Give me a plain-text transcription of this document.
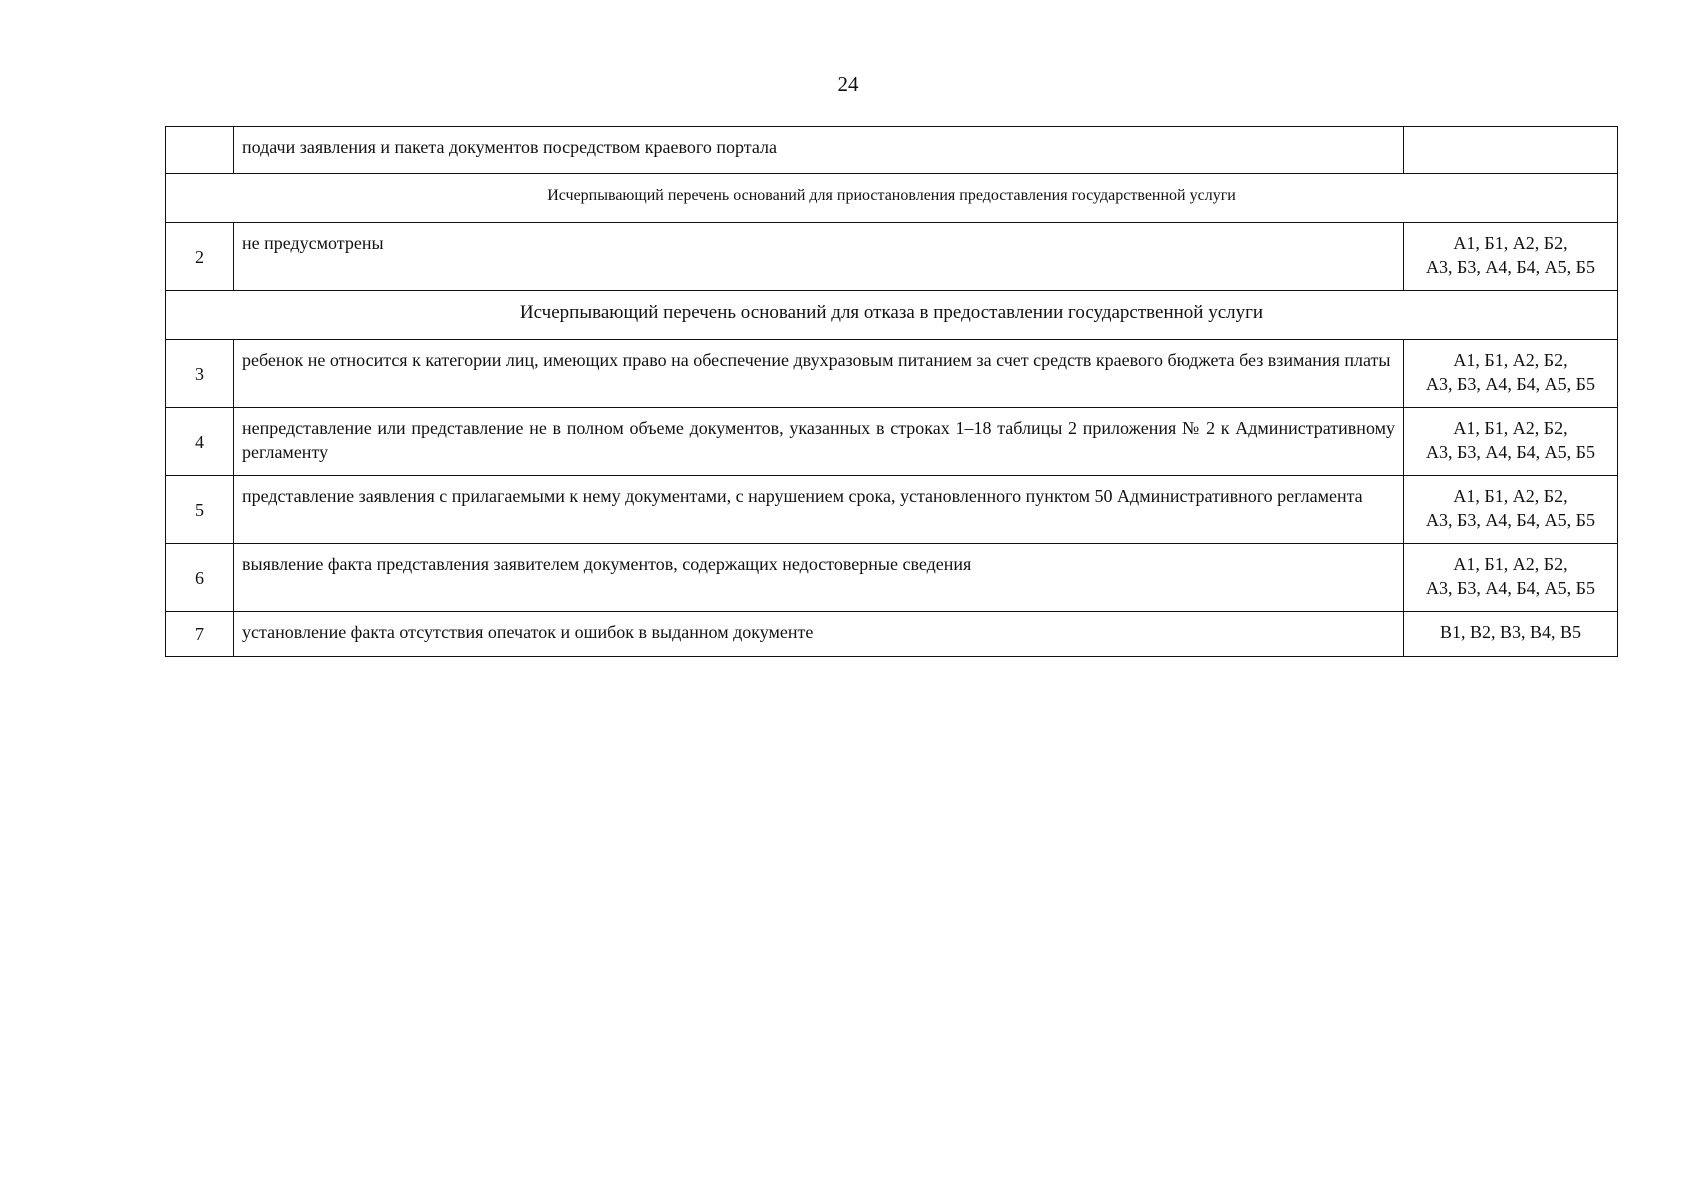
24
	подачи заявления и пакета документов посредством краевого портала	
Исчерпывающий перечень оснований для приостановления предоставления государственной услуги		
2	не предусмотрены	А1, Б1, А2, Б2,
А3, Б3, А4, Б4, А5, Б5

Исчерпывающий перечень оснований для отказа в предоставлении государственной услуги		
3	ребенок не относится к категории лиц, имеющих право на обеспечение двухразовым питанием за счет средств краевого бюджета без взимания платы	А1, Б1, А2, Б2,
А3, Б3, А4, Б4, А5, Б5

4	непредставление или представление не в полном объеме документов, указанных в строках 1–18 таблицы 2 приложения № 2 к Административному регламенту	А1, Б1, А2, Б2,
А3, Б3, А4, Б4, А5, Б5

5	представление заявления с прилагаемыми к нему документами, с нарушением срока, установленного пунктом 50 Административного регламента	А1, Б1, А2, Б2,
А3, Б3, А4, Б4, А5, Б5

6	выявление факта представления заявителем документов, содержащих недостоверные сведения	А1, Б1, А2, Б2,
А3, Б3, А4, Б4, А5, Б5

7	установление факта отсутствия опечаток и ошибок в выданном документе	В1, В2, В3, В4, В5
